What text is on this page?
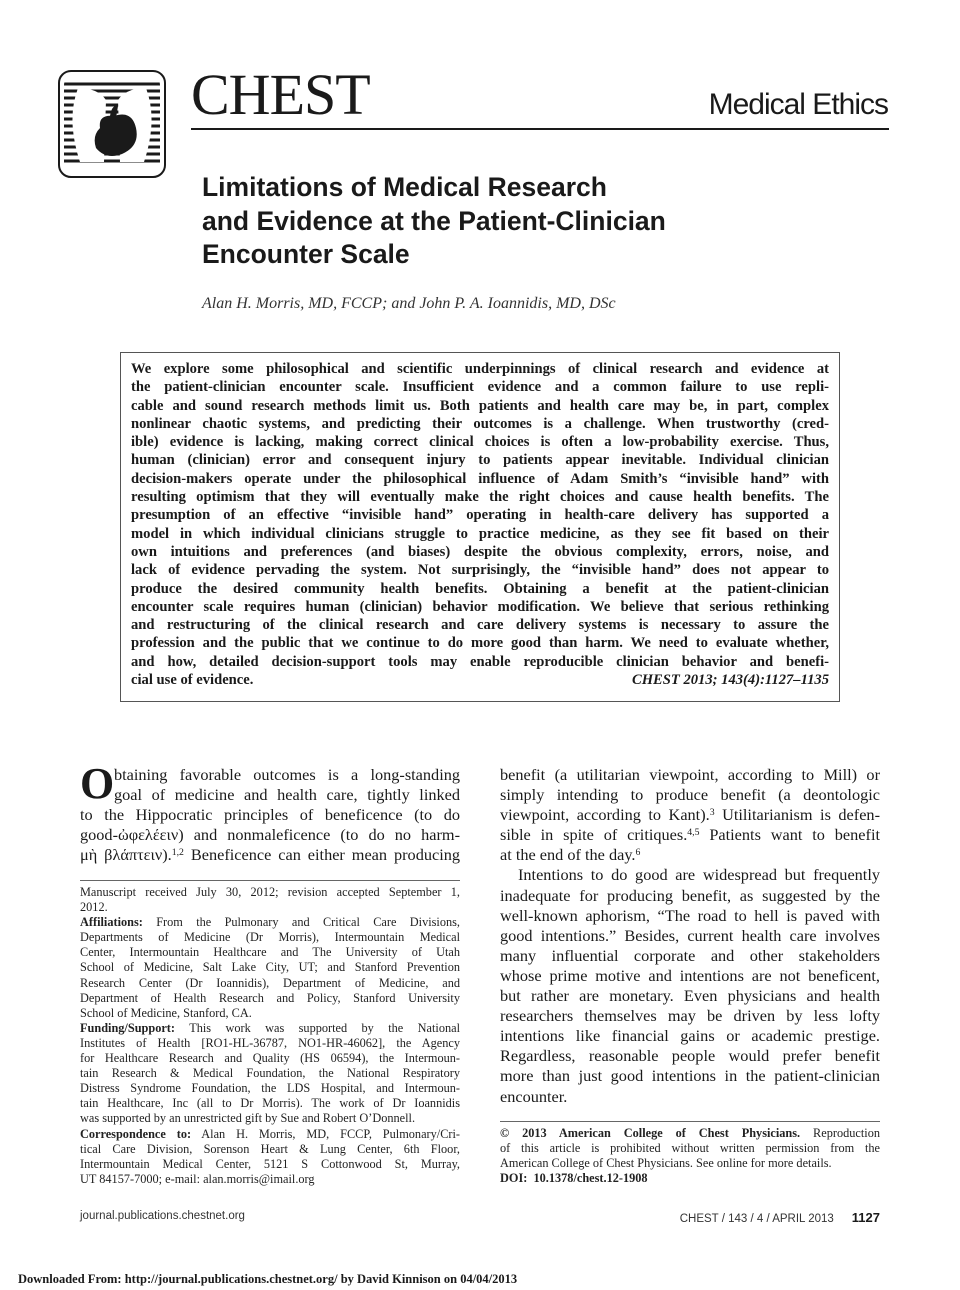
CHEST	Medical Ethics
Limitations of Medical Research
and Evidence at the Patient-Clinician
Encounter Scale
Alan H. Morris, MD, FCCP; and John P. A. Ioannidis, MD, DSc
We explore some philosophical and scientific underpinnings of clinical research and evidence at
the patient-clinician encounter scale. Insufficient evidence and a common failure to use repli-
cable and sound research methods limit us. Both patients and health care may be, in part, complex
nonlinear chaotic systems, and predicting their outcomes is a challenge. When trustworthy (cred-
ible) evidence is lacking, making correct clinical choices is often a low-probability exercise. Thus,
human (clinician) error and consequent injury to patients appear inevitable. Individual clinician
decision-makers operate under the philosophical influence of Adam Smith’s “invisible hand” with
resulting optimism that they will eventually make the right choices and cause health benefits. The
presumption of an effective “invisible hand” operating in health-care delivery has supported a
model in which individual clinicians struggle to practice medicine, as they see fit based on their
own intuitions and preferences (and biases) despite the obvious complexity, errors, noise, and
lack of evidence pervading the system. Not surprisingly, the “invisible hand” does not appear to
produce the desired community health benefits. Obtaining a benefit at the patient-clinician
encounter scale requires human (clinician) behavior modification. We believe that serious rethinking
and restructuring of the clinical research and care delivery systems is necessary to assure the
profession and the public that we continue to do more good than harm. We need to evaluate whether,
and how, detailed decision-support tools may enable reproducible clinician behavior and benefi-
cial use of evidence.	CHEST 2013; 143(4):1127–1135
O btaining favorable outcomes is a long-standing
goal of medicine and health care, tightly linked
to the Hippocratic principles of beneficence (to do
good-ὠφελέειν) and nonmaleficence (to do no harm-
μὴ βλάπτειν).$^{1,2}$ Beneficence can either mean producing
Manuscript received July 30, 2012; revision accepted September 1,
2012.
Affiliations: From the Pulmonary and Critical Care Divisions,
Departments of Medicine (Dr Morris), Intermountain Medical
Center, Intermountain Healthcare and The University of Utah
School of Medicine, Salt Lake City, UT; and Stanford Prevention
Research Center (Dr Ioannidis), Department of Medicine, and
Department of Health Research and Policy, Stanford University
School of Medicine, Stanford, CA.
Funding/Support: This work was supported by the National
Institutes of Health [RO1-HL-36787, NO1-HR-46062], the Agency
for Healthcare Research and Quality (HS 06594), the Intermoun-
tain Research & Medical Foundation, the National Respiratory
Distress Syndrome Foundation, the LDS Hospital, and Intermoun-
tain Healthcare, Inc (all to Dr Morris). The work of Dr Ioannidis
was supported by an unrestricted gift by Sue and Robert O’Donnell.
Correspondence to: Alan H. Morris, MD, FCCP, Pulmonary/Cri-
tical Care Division, Sorenson Heart & Lung Center, 6th Floor,
Intermountain Medical Center, 5121 S Cottonwood St, Murray,
UT 84157-7000; e-mail: alan.morris@imail.org
benefit (a utilitarian viewpoint, according to Mill) or
simply intending to produce benefit (a deontologic
viewpoint, according to Kant).$^3$ Utilitarianism is defen-
sible in spite of critiques.$^{4,5}$ Patients want to benefit
at the end of the day.$^6$
Intentions to do good are widespread but frequently
inadequate for producing benefit, as suggested by the
well-known aphorism, “The road to hell is paved with
good intentions.” Besides, current health care involves
many influential corporate and other stakeholders
whose prime motive and intentions are not beneficent,
but rather are monetary. Even physicians and health
researchers themselves may be driven by less lofty
intentions like financial gains or academic prestige.
Regardless, reasonable people would prefer benefit
more than just good intentions in the patient-clinician
encounter.
© 2013 American College of Chest Physicians. Reproduction
of this article is prohibited without written permission from the
American College of Chest Physicians. See online for more details.
DOI: 10.1378/chest.12-1908
journal.publications.chestnet.org	CHEST / 143 / 4 / APRIL 2013 1127
Downloaded From: http://journal.publications.chestnet.org/ by David Kinnison on 04/04/2013
